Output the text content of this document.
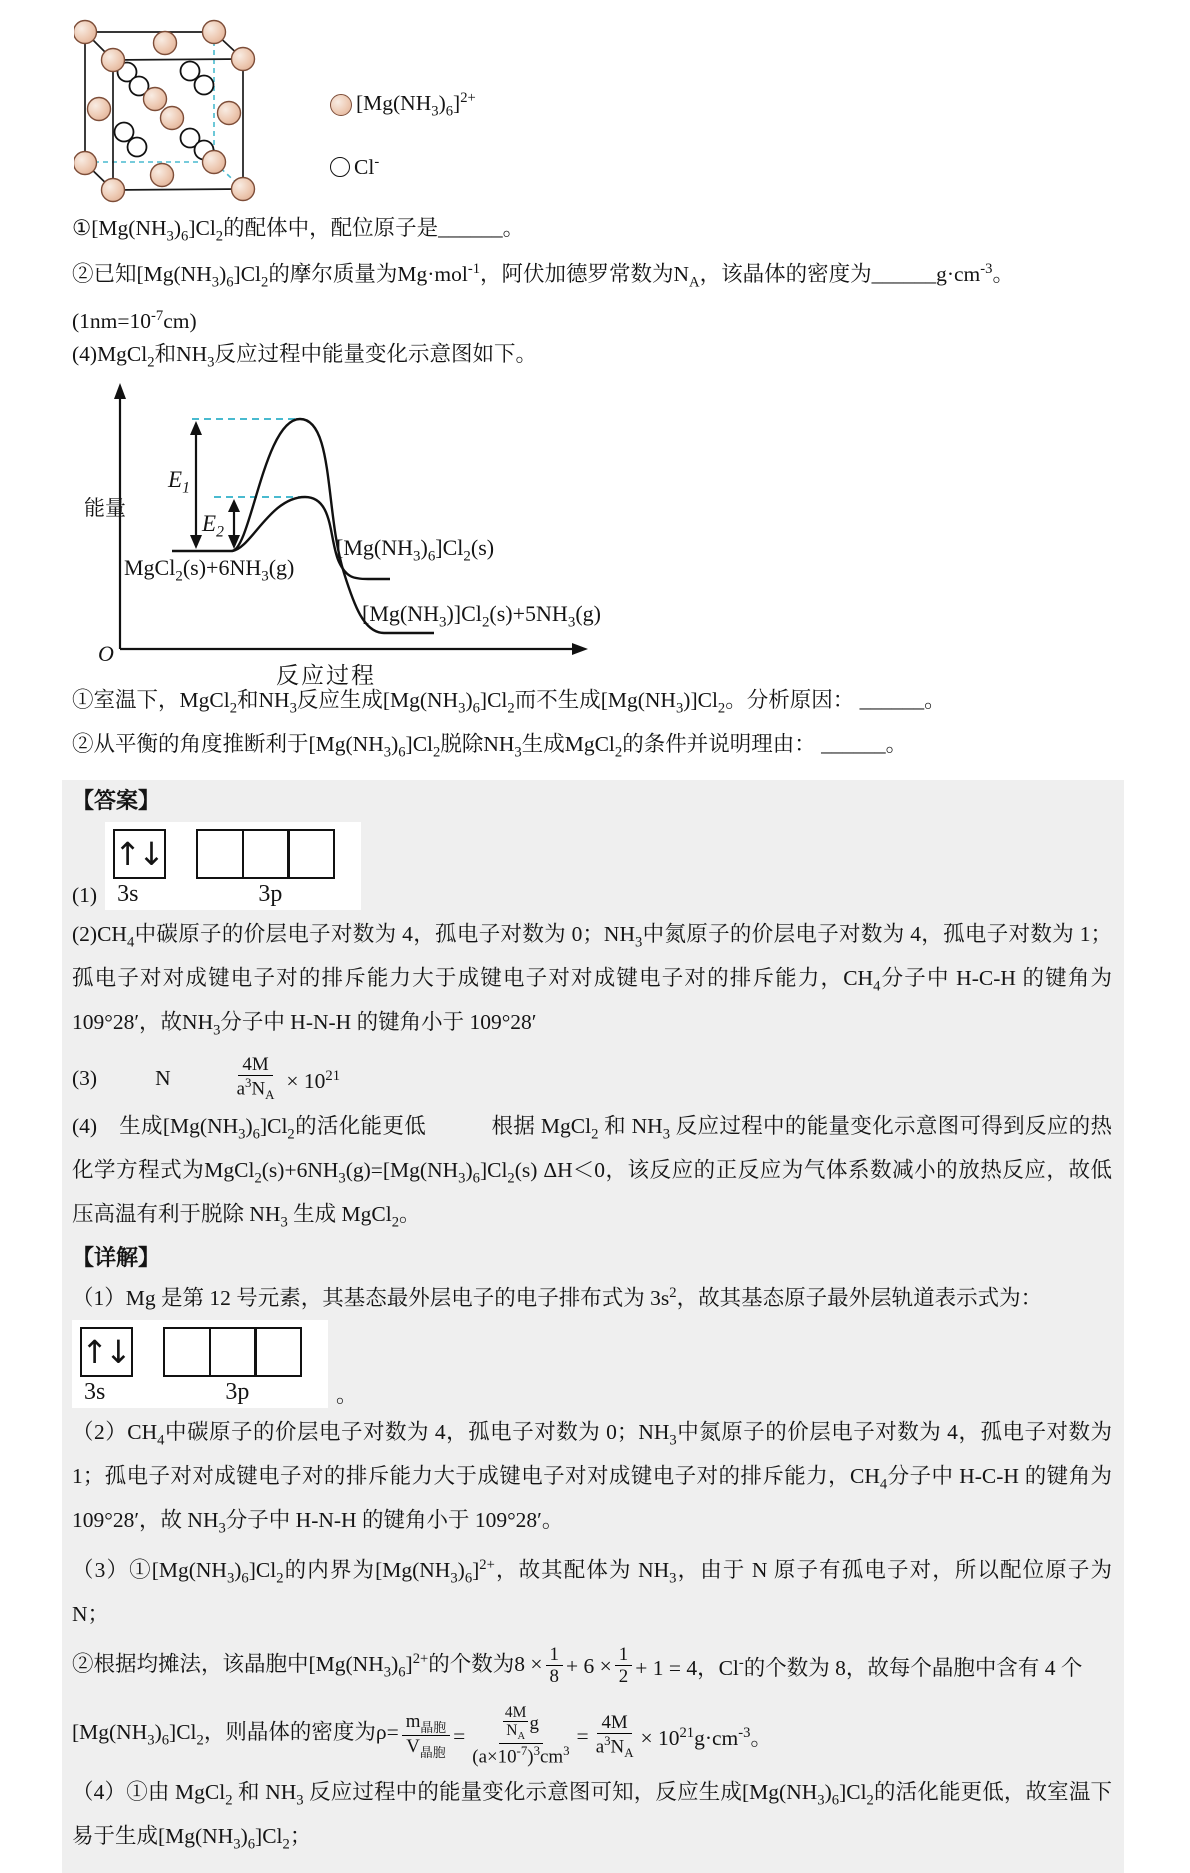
$[Mg(NH_3)_6]^{2+}$
Cl-

$①[Mg(NH_3)_6]Cl_2$的配体中，配位原子是______。

②已知$[Mg(NH_3)_6]Cl_2$的摩尔质量为Mg·mol$^{-1}$，阿伏加德罗常数为$N_A$，该晶体的密度为$\_\_\_\_\_\_g\cdot cm^{-3}$。

$(1nm=10^{-7}cm)$

(4)MgCl$_2$和$NH_3$反应过程中能量变化示意图如下。

能量
O
反应过程
$E_1$
$E_2$
$MgCl_2(s)+6NH_3(g)$
$[Mg(NH_3)_6]Cl_2(s)$
$[Mg(NH_3)]Cl_2(s)+5NH_3(g)$

①室温下，MgCl$_2$和$NH_3$反应生成$[Mg(NH_3)_6]Cl_2$而不生成$[Mg(NH_3)]Cl_2$。分析原因： ______。

②从平衡的角度推断利于$[Mg(NH_3)_6]Cl_2$脱除$NH_3$生成MgCl$_2$的条件并说明理由： ______。

【答案】

(1)
↑↓
3s	3p

$(2)CH_4$中碳原子的价层电子对数为 4，孤电子对数为 0；$NH_3$中氮原子的价层电子对数为 4，孤电子对数为 1；孤电子对对成键电子对的排斥能力大于成键电子对对成键电子对的排斥能力，$CH_4$分子中 H-C-H 的键角为 109°28′，故$NH_3$分子中 H-N-H 的键角小于 109°28′

(3)	N	$\frac{4M}{a^3N_A} \times 10^{21}$

(4)　生成$[Mg(NH_3)_6]Cl_2$的活化能更低　　　根据 MgCl$_2$ 和 $NH_3$ 反应过程中的能量变化示意图可得到反应的热化学方程式为$MgCl_2(s)+6NH_3(g)=[Mg(NH_3)_6]Cl_2(s)$ ΔH＜0，该反应的正反应为气体系数减小的放热反应，故低压高温有利于脱除 $NH_3$ 生成 MgCl$_2$。

【详解】

（1）Mg 是第 12 号元素，其基态最外层电子的电子排布式为 $3s^2$，故其基态原子最外层轨道表示式为：

↑↓
3s	3p	。

$(2)CH_4$中碳原子的价层电子对数为 4，孤电子对数为 0；$NH_3$中氮原子的价层电子对数为 4，孤电子对数为 1；孤电子对对成键电子对的排斥能力大于成键电子对对成键电子对的排斥能力，$CH_4$分子中 H-C-H 的键角为 109°28′，故 $NH_3$分子中 H-N-H 的键角小于 109°28′。

$(3)①[Mg(NH_3)_6]Cl_2$的内界为$[Mg(NH_3)_6]^{2+}$，故其配体为 $NH_3$，由于 N 原子有孤电子对，所以配位原子为 N；

②根据均摊法，该晶胞中$[Mg(NH_3)_6]^{2+}$的个数为$8 \times \frac{1}{8} + 6 \times \frac{1}{2} + 1 = 4$，Cl-的个数为 8，故每个晶胞中含有 4 个
$[Mg(NH_3)_6]Cl_2$，则晶体的密度为$\rho= \frac{m_{晶胞}}{V_{晶胞}} = 4M$
$N_A$
g
$(a\times 10^{-7})^3cm^3 = \frac{4M}{a^3N_A} \times 10^{21}g\cdot cm^{-3}$。

（4）①由 MgCl$_2$ 和 $NH_3$ 反应过程中的能量变化示意图可知，反应生成$[Mg(NH_3)_6]Cl_2$的活化能更低，故室温下易于生成$[Mg(NH_3)_6]Cl_2$；
